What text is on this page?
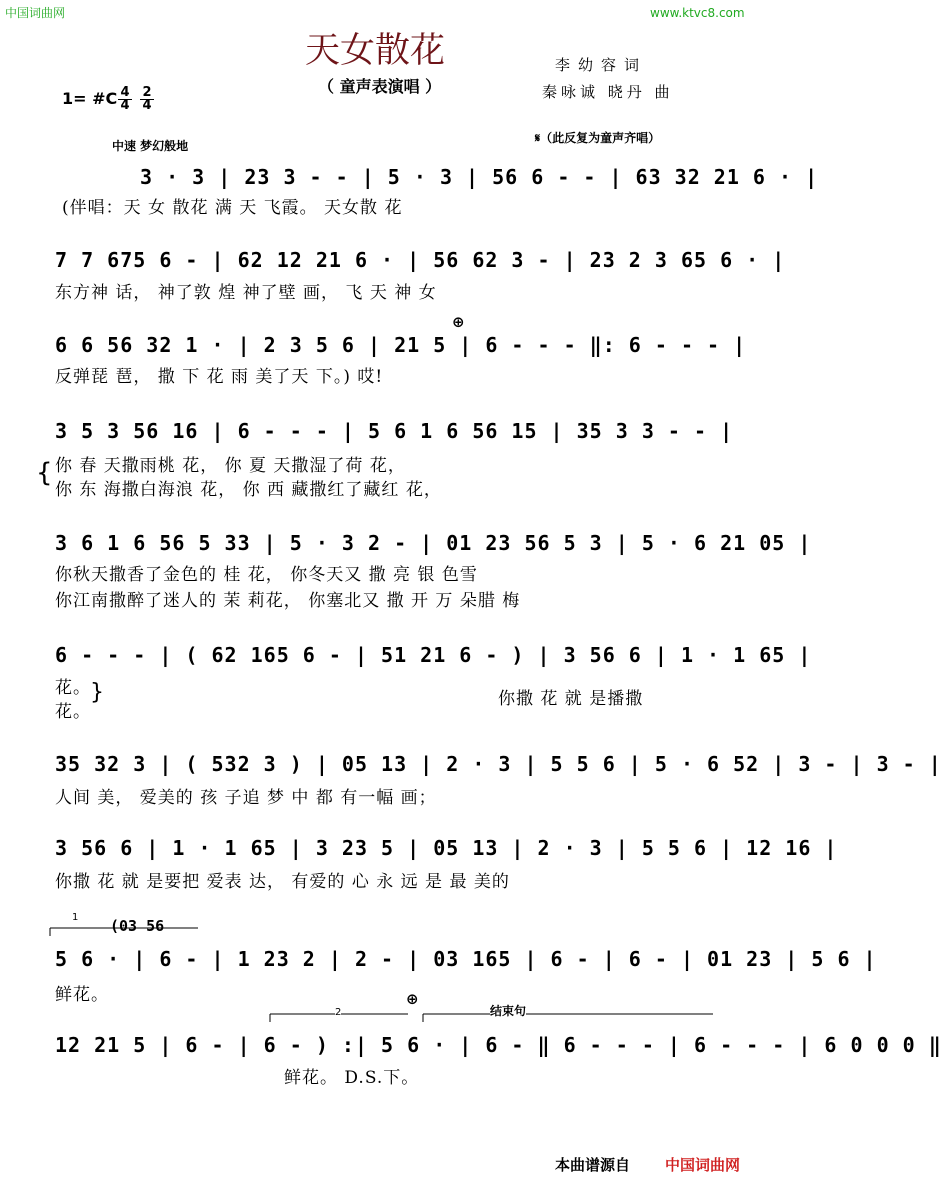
中国词曲网	www.ktvc8.com
天女散花
（ 童声表演唱 ）
李幼容词
秦咏诚 晓丹 曲
1= #C $\frac{4}{4} \frac{2}{4}$
中速 梦幻般地
𝄋（此反复为童声齐唱）
3 · 3 | 23 3 - - | 5 · 3 | 56 6 - - | 63 32 21 6 · |
(伴唱：天 女 散花 满 天 飞霞。 天女散 花
7 7 675 6 - | 62 12 21 6 · | 56 62 3 - | 23 2 3 65 6 · |
东方神 话， 神了敦 煌 神了壁 画， 飞 天 神 女
⊕
6 6 56 32 1 · | 2 3 5 6 | 21 5 | 6 - - - ‖: 6 - - - |
反弹琵 琶， 撒 下 花 雨 美了天 下。) 哎!
3 5 3 56 16 | 6 - - - | 5 6 1 6 56 15 | 35 3 3 - - |
{ 你 春 天撒雨桃 花， 你 夏 天撒湿了荷 花，
你 东 海撒白海浪 花， 你 西 藏撒红了藏红 花，
3 6 1 6 56 5 33 | 5 · 3 2 - | 01 23 56 5 3 | 5 · 6 21 05 |
你秋天撒香了金色的 桂 花， 你冬天又 撒 亮 银 色雪
你江南撒醉了迷人的 茉 莉花， 你塞北又 撒 开 万 朵腊 梅
6 - - - | ( 62 165 6 - | 51 21 6 - ) | 3 56 6 | 1 · 1 65 |
花。
花。
}	你撒 花 就 是播撒
35 32 3 | ( 532 3 ) | 05 13 | 2 · 3 | 5 5 6 | 5 · 6 52 | 3 - | 3 - |
人间 美， 爱美的 孩 子追 梦 中 都 有一幅 画；
3 56 6 | 1 · 1 65 | 3 23 5 | 05 13 | 2 · 3 | 5 5 6 | 12 16 |
你撒 花 就 是要把 爱表 达， 有爱的 心 永 远 是 最 美的
1 (03 56
5 6 · | 6 - | 1 23 2 | 2 - | 03 165 | 6 - | 6 - | 01 23 | 5 6 |
鲜花。	⊕
2	结束句
12 21 5 | 6 - | 6 - ) :| 5 6 · | 6 - ‖ 6 - - - | 6 - - - | 6 0 0 0 ‖
鲜花。 D.S.下。
本曲谱源自 中国词曲网
